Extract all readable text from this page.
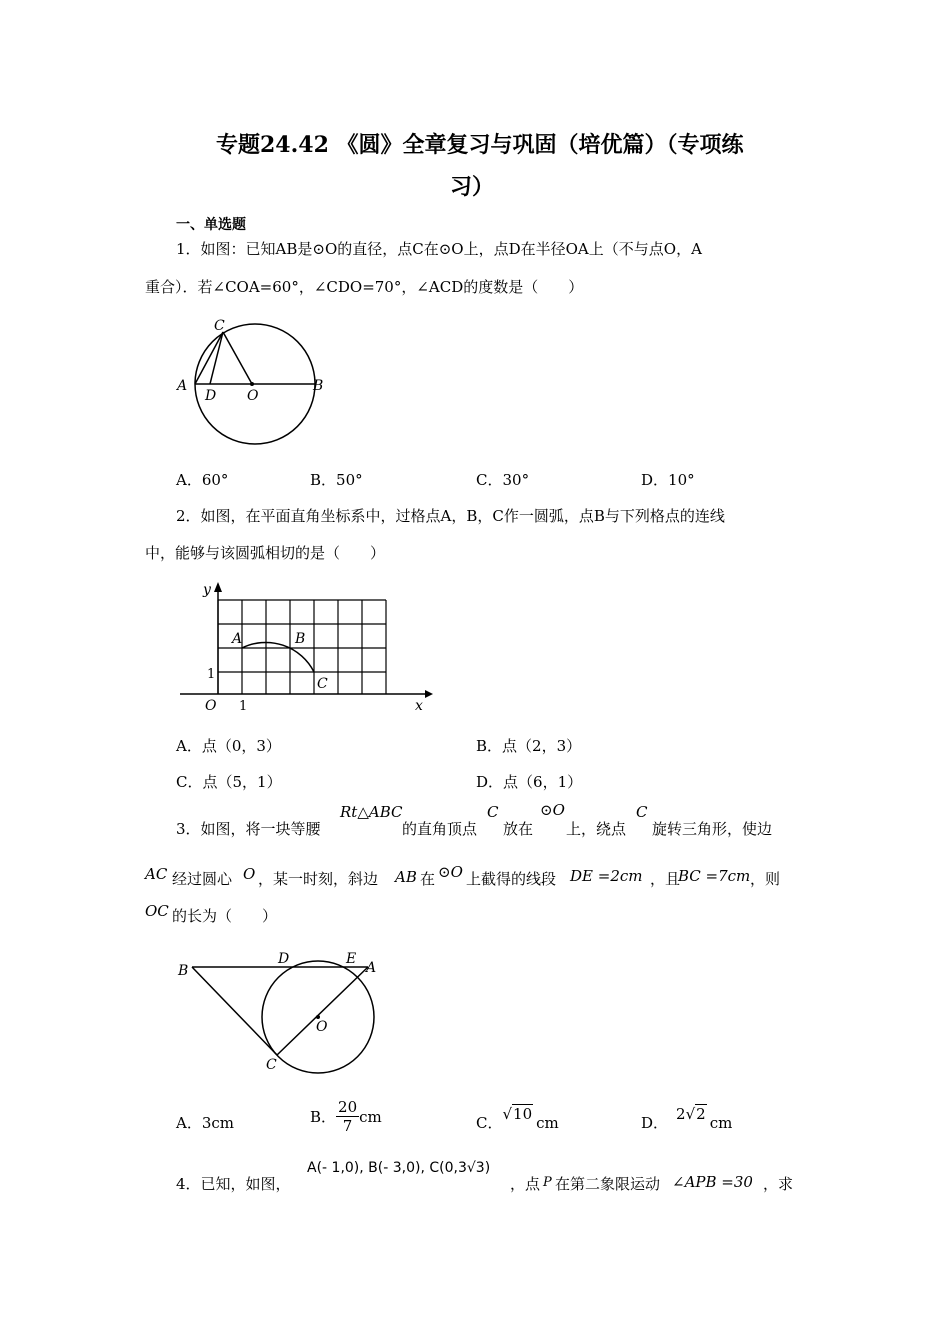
专题24.42 《圆》全章复习与巩固（培优篇）（专项练
习）
一、单选题
1．如图：已知AB是⊙O的直径，点C在⊙O上，点D在半径OA上（不与点O，A
重合）．若∠COA=60°，∠CDO=70°，∠ACD的度数是（　　）
C
A
D O
B
A．60°	B．50°	C．30°	D．10°
2．如图，在平面直角坐标系中，过格点A，B，C作一圆弧，点B与下列格点的连线
中，能够与该圆弧相切的是（　　）
y
A	B
1
C
O 1	x
A．点（0，3）	B．点（2，3）
C．点（5，1）	D．点（6，1）
3．如图，将一块等腰
Rt△ABC
的直角顶点
C
放在
⊙O
上，绕点
C
旋转三角形，使边
AC 经过圆心 O ，某一时刻，斜边 AB 在 ⊙O 上截得的线段 DE =2cm ，且
BC =7cm ，则
OC 的长为（　　）
B
D	E
A
O
C
A．3cm	B． $\frac{20}{7}$ cm	C．√10 cm	D． 2√2 cm
4．已知，如图，
A(- 1,0), B(- 3,0), C(0,3√3)
，点 P 在第二象限运动 ∠APB =30 ，求
